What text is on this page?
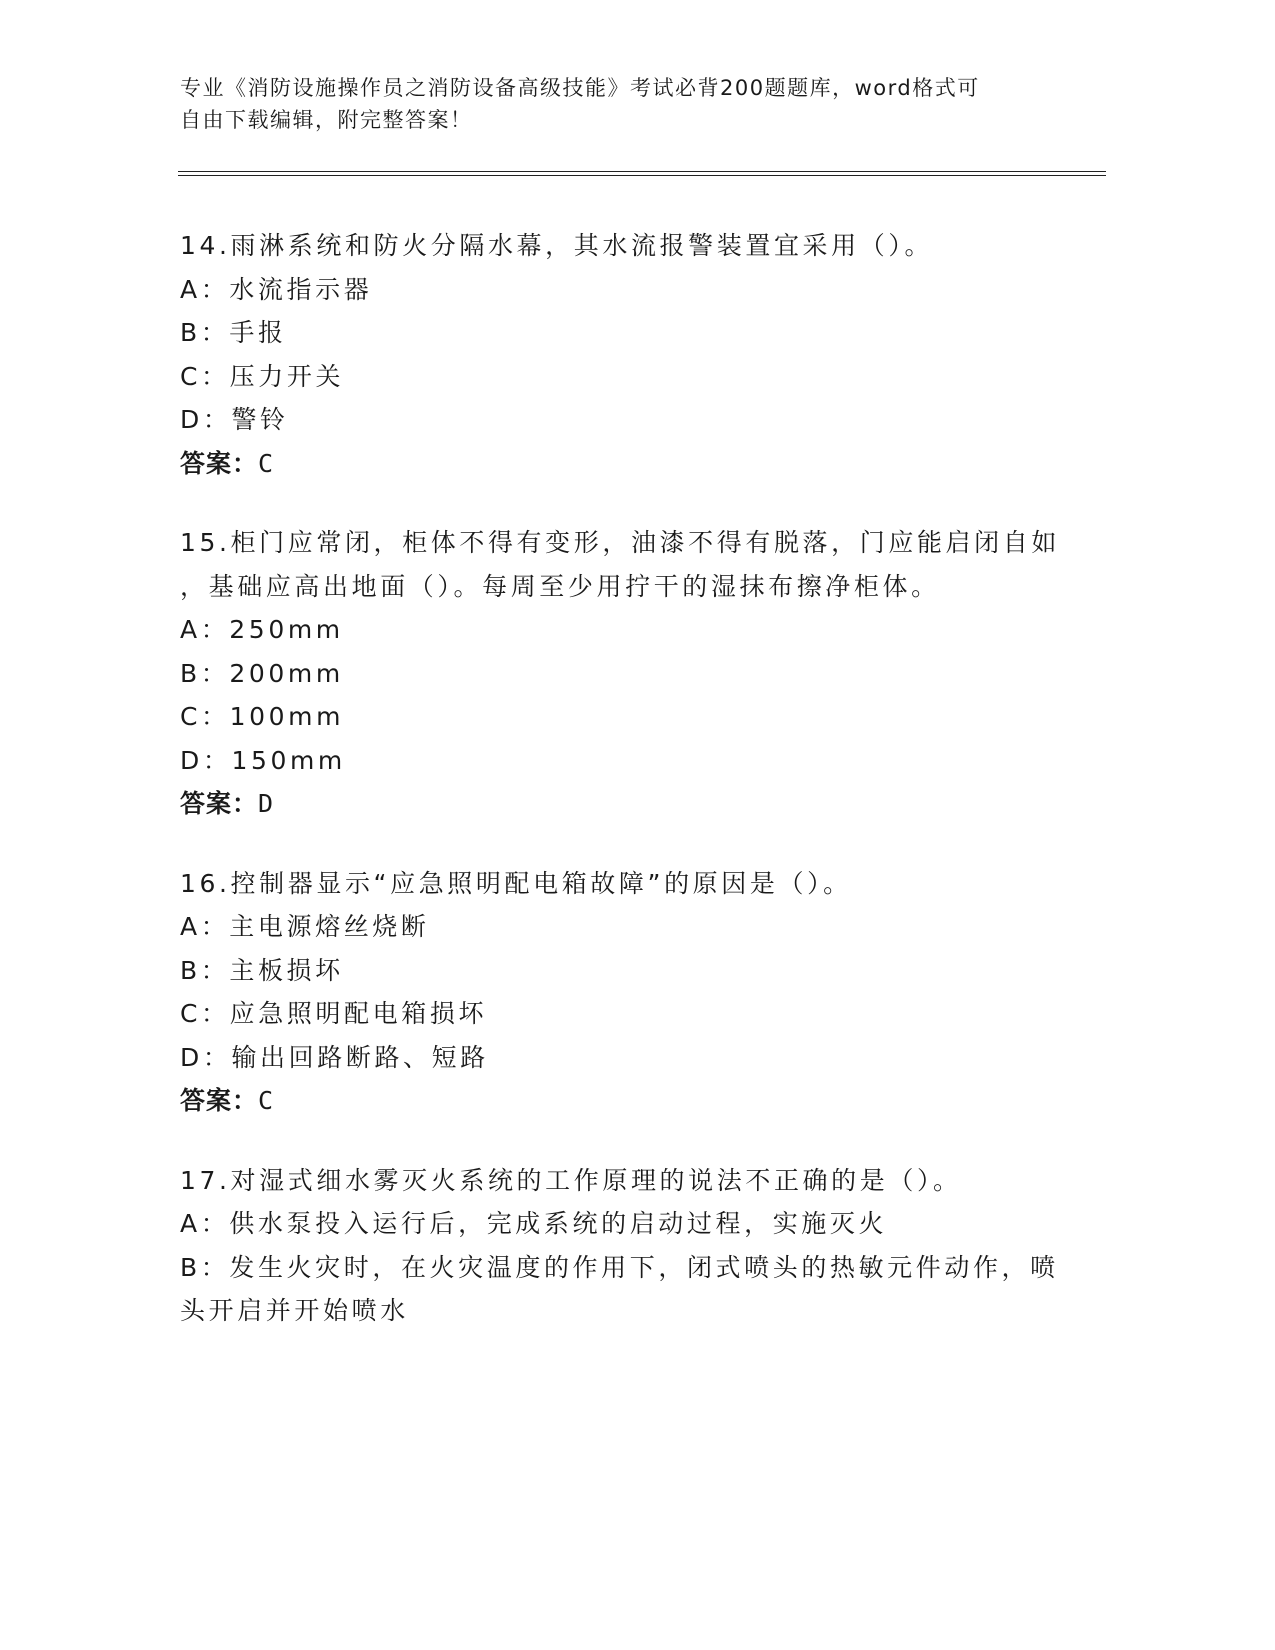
专业《消防设施操作员之消防设备高级技能》考试必背200题题库，word格式可
自由下载编辑，附完整答案！
14.雨淋系统和防火分隔水幕，其水流报警装置宜采用（）。
A：水流指示器
B：手报
C：压力开关
D：警铃
答案：C
15.柜门应常闭，柜体不得有变形，油漆不得有脱落，门应能启闭自如
，基础应高出地面（）。每周至少用拧干的湿抹布擦净柜体。
A：250mm
B：200mm
C：100mm
D：150mm
答案：D
16.控制器显示“应急照明配电箱故障”的原因是（）。
A：主电源熔丝烧断
B：主板损坏
C：应急照明配电箱损坏
D：输出回路断路、短路
答案：C
17.对湿式细水雾灭火系统的工作原理的说法不正确的是（）。
A：供水泵投入运行后，完成系统的启动过程，实施灭火
B：发生火灾时，在火灾温度的作用下，闭式喷头的热敏元件动作，喷
头开启并开始喷水
